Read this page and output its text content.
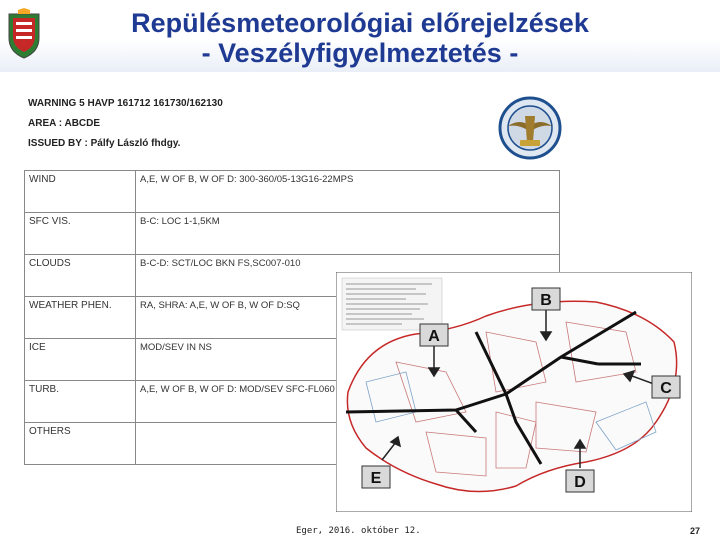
Repülésmeteorológiai előrejelzések
- Veszélyfigyelmeztetés -
WARNING 5 HAVP 161712 161730/162130
AREA : ABCDE
ISSUED BY : Pálfy László fhdgy.
WIND	A,E, W OF B, W OF D: 300-360/05-13G16-22MPS
SFC VIS.	B-C: LOC 1-1,5KM
CLOUDS	B-C-D: SCT/LOC BKN FS,SC007-010
WEATHER PHEN.	RA, SHRA: A,E, W OF B, W OF D:SQ
ICE	MOD/SEV IN NS
TURB.	A,E, W OF B, W OF D: MOD/SEV SFC-FL060
OTHERS	
B
A
C
E	D
Eger, 2016. október 12.	27
